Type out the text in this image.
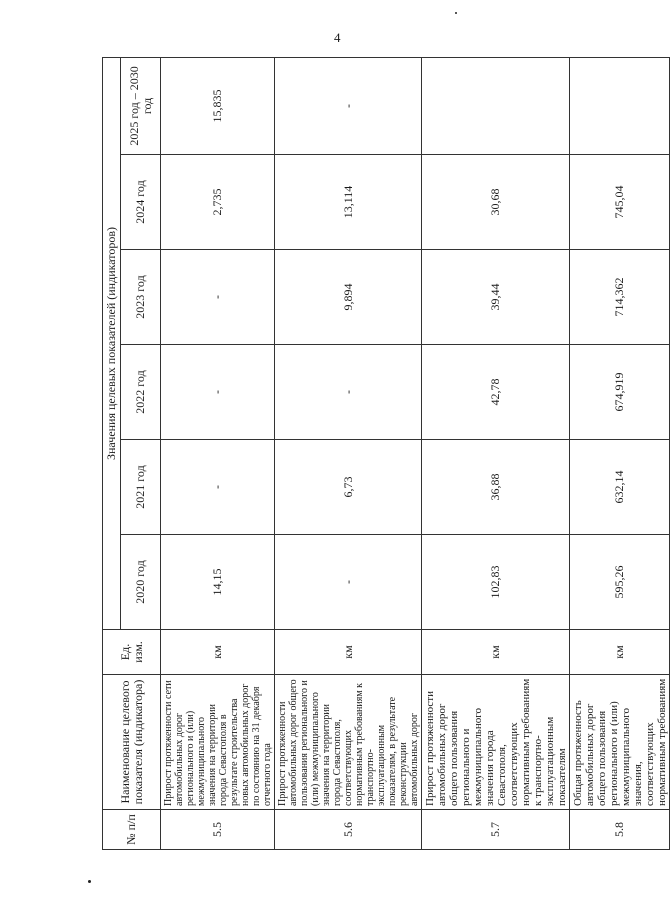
4
№ п/п	Наименование целевого показателя (индикатора)	Ед. изм.	Значения целевых показателей (индикаторов)					
			2020 год	2021 год	2022 год	2023 год	2024 год	2025 год – 2030 год
5.5	Прирост протяженности сети автомобильных дорог регионального и (или) межмуниципального значения на территории города Севастополя в результате строительства новых автомобильных дорог по состоянию на 31 декабря отчетного года	км	14,15	-	-	-	2,735	15,835
5.6	Прирост протяженности автомобильных дорог общего пользования регионального и (или) межмуниципального значения на территории города Севастополя, соответствующих нормативным требованиям к транспортно-эксплуатационным показателям, в результате реконструкции автомобильных дорог	км	-	6,73	-	9,894	13,114	-
5.7	Прирост протяженности автомобильных дорог общего пользования регионального и межмуниципального значения города Севастополя, соответствующих нормативным требованиям к транспортно-эксплуатационным показателям	км	102,83	36,88	42,78	39,44	30,68	
5.8	Общая протяженность автомобильных дорог общего пользования регионального и (или) межмуниципального значения, соответствующих нормативным требованиям	км	595,26	632,14	674,919	714,362	745,04	
